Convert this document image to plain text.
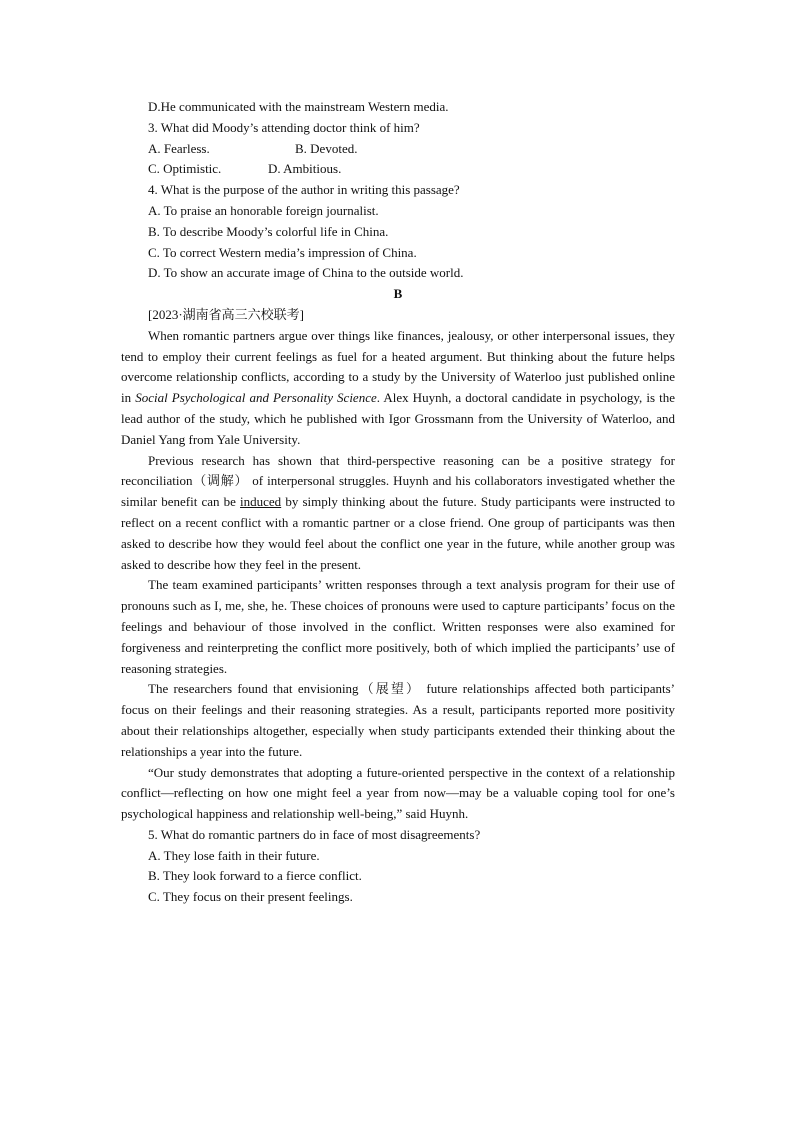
D.He communicated with the mainstream Western media.
3. What did Moody’s attending doctor think of him?
A. Fearless.	B. Devoted.
C. Optimistic.	D. Ambitious.
4. What is the purpose of the author in writing this passage?
A. To praise an honorable foreign journalist.
B. To describe Moody’s colorful life in China.
C. To correct Western media’s impression of China.
D. To show an accurate image of China to the outside world.
B
[2023·湖南省高三六校联考]

When romantic partners argue over things like finances, jealousy, or other interpersonal issues, they tend to employ their current feelings as fuel for a heated argument. But thinking about the future helps overcome relationship conflicts, according to a study by the University of Waterloo just published online in Social Psychological and Personality Science. Alex Huynh, a doctoral candidate in psychology, is the lead author of the study, which he published with Igor Grossmann from the University of Waterloo, and Daniel Yang from Yale University.

Previous research has shown that third-perspective reasoning can be a positive strategy for reconciliation（调解） of interpersonal struggles. Huynh and his collaborators investigated whether the similar benefit can be induced by simply thinking about the future. Study participants were instructed to reflect on a recent conflict with a romantic partner or a close friend. One group of participants was then asked to describe how they would feel about the conflict one year in the future, while another group was asked to describe how they feel in the present.

The team examined participants’ written responses through a text analysis program for their use of pronouns such as I, me, she, he. These choices of pronouns were used to capture participants’ focus on the feelings and behaviour of those involved in the conflict. Written responses were also examined for forgiveness and reinterpreting the conflict more positively, both of which implied the participants’ use of reasoning strategies.

The researchers found that envisioning（展望） future relationships affected both participants’ focus on their feelings and their reasoning strategies. As a result, participants reported more positivity about their relationships altogether, especially when study participants extended their thinking about the relationships a year into the future.

“Our study demonstrates that adopting a future-oriented perspective in the context of a relationship conflict—reflecting on how one might feel a year from now—may be a valuable coping tool for one’s psychological happiness and relationship well-being,” said Huynh.

5. What do romantic partners do in face of most disagreements?
A. They lose faith in their future.
B. They look forward to a fierce conflict.
C. They focus on their present feelings.
